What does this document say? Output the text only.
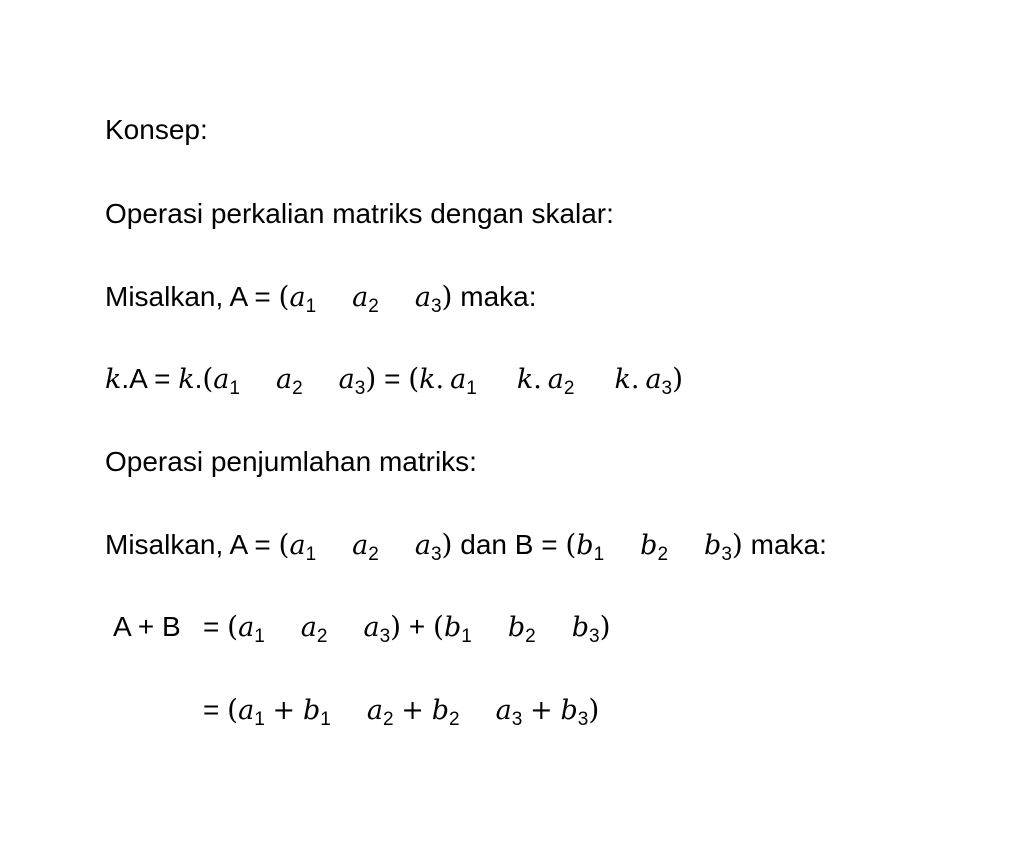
Konsep:
Operasi perkalian matriks dengan skalar:
Misalkan, $A = (a_1$ $a_2$ $a_3$) maka:
$k.A = k.(a_1$ $a_2$ $a_3) = (k$. $a_1$ k. $a_2$ k. $a_3$)
Operasi penjumlahan matriks:
Misalkan, $A = (a_1$ $a_2$ $a_3$) dan $B = (b_1$ $b_2$ $b_3$) maka:
$A + B = (a_1$ $a_2$ $a_3) + (b_1$ $b_2$ $b_3$)
= ($a_1 + b_1$ $a_2 + b_2$ $a_3 + b_3$)
